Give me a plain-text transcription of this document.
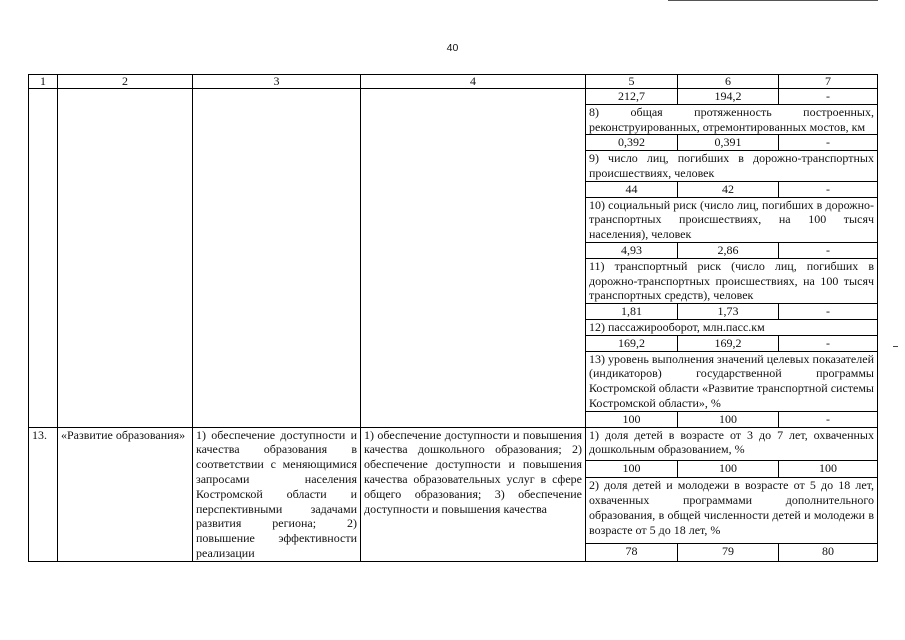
40
1	2	3	4	5	6	7
				212,7	194,2	-
				8) общая протяженность построенных, реконструированных, отремонтированных мостов, км		
				0,392	0,391	-
				9) число лиц, погибших в дорожно-транспортных происшествиях, человек		
				44	42	-
				10) социальный риск (число лиц, погибших в дорожно-транспортных происшествиях, на 100 тысяч населения), человек		
				4,93	2,86	-
				11) транспортный риск (число лиц, погибших в дорожно-транспортных происшествиях, на 100 тысяч транспортных средств), человек		
				1,81	1,73	-
				12) пассажирооборот, млн.пасс.км		
				169,2	169,2	-
				13) уровень выполнения значений целевых показателей (индикаторов) государственной программы Костромской области «Развитие транспортной системы Костромской области», %		
				100	100	-
13.	«Развитие образования»	1) обеспечение доступности и качества образования в соответствии с меняющимися запросами населения Костромской области и перспективными задачами развития региона; 2) повышение эффективности реализации	1) обеспечение доступности и повышения качества дошкольного образования; 2) обеспечение доступности и повышения качества образовательных услуг в сфере общего образования; 3) обеспечение доступности и повышения качества	1) доля детей в возрасте от 3 до 7 лет, охваченных дошкольным образованием, %		
				100	100	100
				2) доля детей и молодежи в возрасте от 5 до 18 лет, охваченных программами дополнительного образования, в общей численности детей и молодежи в возрасте от 5 до 18 лет, %		
				78	79	80
